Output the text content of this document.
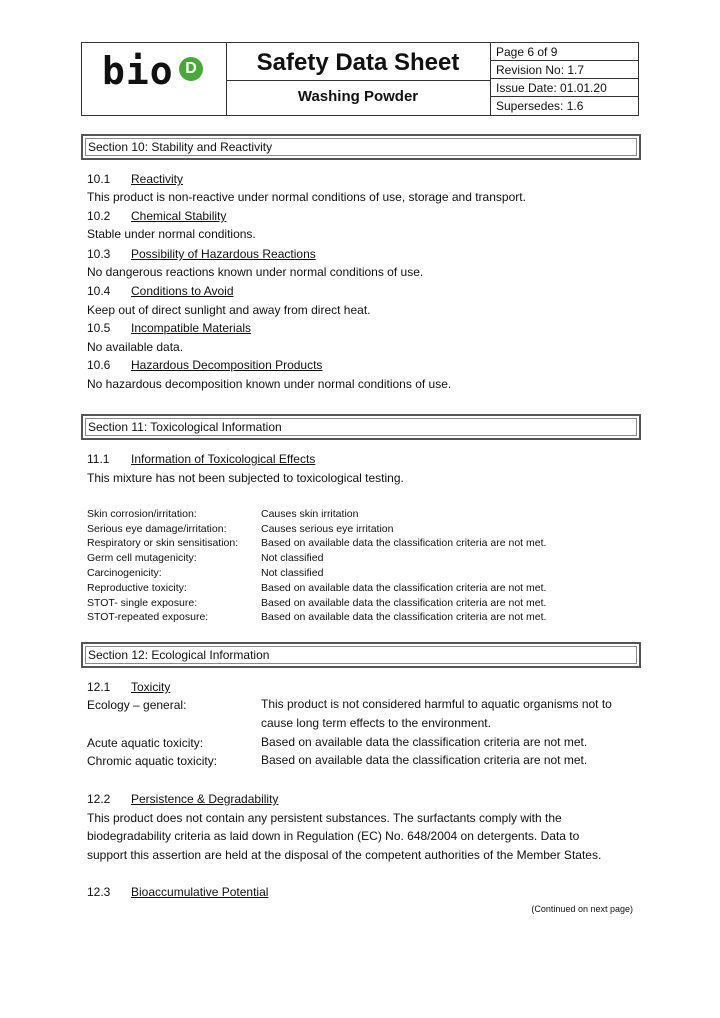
bio D	Safety Data Sheet
Washing Powder
Page 6 of 9
Revision No: 1.7
Issue Date: 01.01.20
Supersedes: 1.6
Section 10: Stability and Reactivity
10.1 Reactivity
This product is non-reactive under normal conditions of use, storage and transport.
10.2 Chemical Stability
Stable under normal conditions.
10.3 Possibility of Hazardous Reactions
No dangerous reactions known under normal conditions of use.
10.4 Conditions to Avoid
Keep out of direct sunlight and away from direct heat.
10.5 Incompatible Materials
No available data.
10.6 Hazardous Decomposition Products
No hazardous decomposition known under normal conditions of use.
Section 11: Toxicological Information
11.1 Information of Toxicological Effects
This mixture has not been subjected to toxicological testing.
Skin corrosion/irritation:	Causes skin irritation
Serious eye damage/irritation:	Causes serious eye irritation
Respiratory or skin sensitisation: Based on available data the classification criteria are not met.
Germ cell mutagenicity:	Not classified
Carcinogenicity:	Not classified
Reproductive toxicity:	Based on available data the classification criteria are not met.
STOT- single exposure:	Based on available data the classification criteria are not met.
STOT-repeated exposure:	Based on available data the classification criteria are not met.
Section 12: Ecological Information
12.1 Toxicity
Ecology – general:	This product is not considered harmful to aquatic organisms not to
cause long term effects to the environment.
Acute aquatic toxicity:	Based on available data the classification criteria are not met.
Chromic aquatic toxicity:	Based on available data the classification criteria are not met.
12.2 Persistence & Degradability
This product does not contain any persistent substances. The surfactants comply with the
biodegradability criteria as laid down in Regulation (EC) No. 648/2004 on detergents. Data to
support this assertion are held at the disposal of the competent authorities of the Member States.
12.3 Bioaccumulative Potential
(Continued on next page)
